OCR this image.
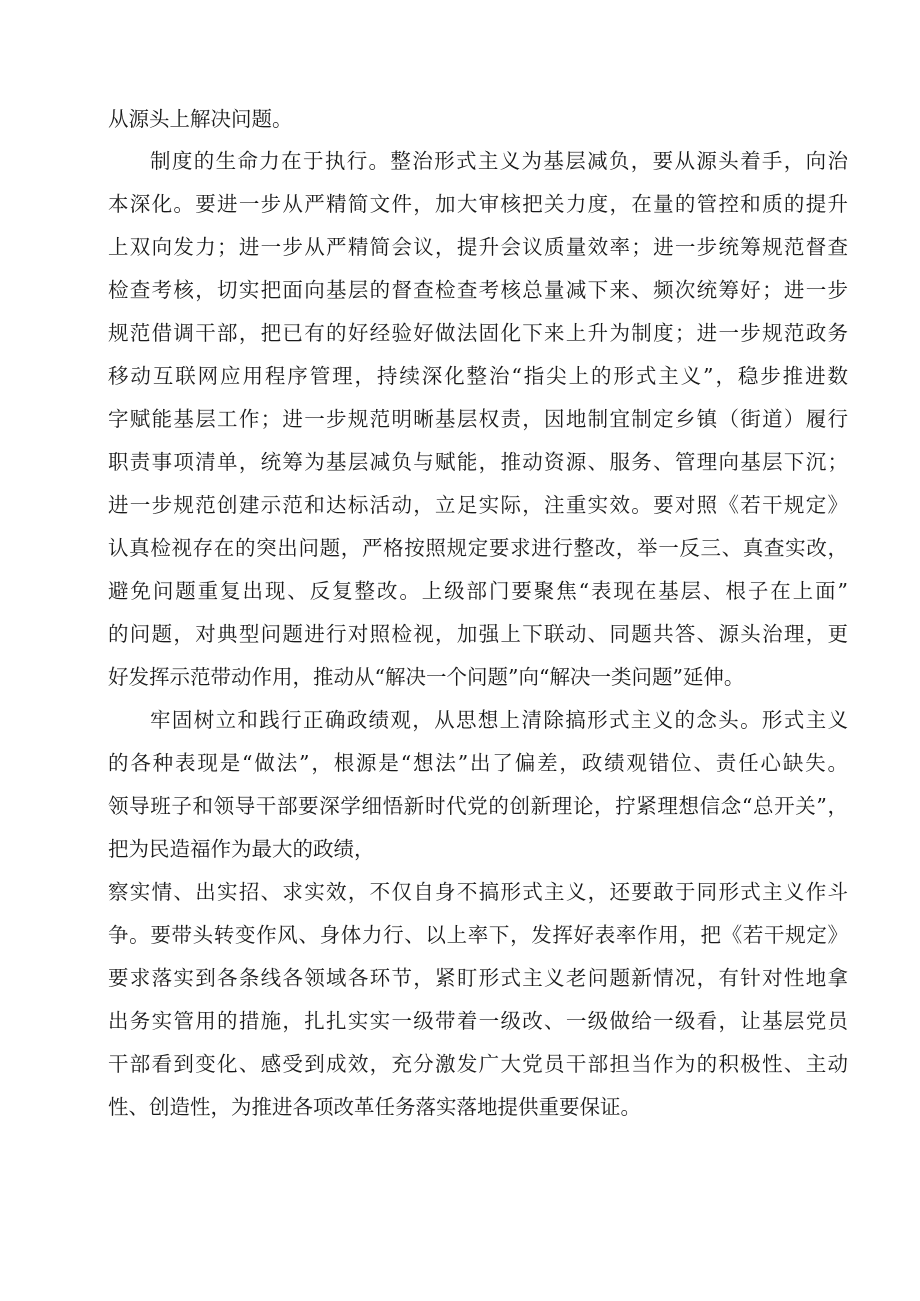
从源头上解决问题。
制度的生命力在于执行。整治形式主义为基层减负，要从源头着手，向治
本深化。要进一步从严精简文件，加大审核把关力度，在量的管控和质的提升
上双向发力；进一步从严精简会议，提升会议质量效率；进一步统筹规范督查
检查考核，切实把面向基层的督查检查考核总量减下来、频次统筹好；进一步
规范借调干部，把已有的好经验好做法固化下来上升为制度；进一步规范政务
移动互联网应用程序管理，持续深化整治“指尖上的形式主义”，稳步推进数
字赋能基层工作；进一步规范明晰基层权责，因地制宜制定乡镇（街道）履行
职责事项清单，统筹为基层减负与赋能，推动资源、服务、管理向基层下沉；
进一步规范创建示范和达标活动，立足实际，注重实效。要对照《若干规定》
认真检视存在的突出问题，严格按照规定要求进行整改，举一反三、真查实改，
避免问题重复出现、反复整改。上级部门要聚焦“表现在基层、根子在上面”
的问题，对典型问题进行对照检视，加强上下联动、同题共答、源头治理，更
好发挥示范带动作用，推动从“解决一个问题”向“解决一类问题”延伸。
牢固树立和践行正确政绩观，从思想上清除搞形式主义的念头。形式主义
的各种表现是“做法”，根源是“想法”出了偏差，政绩观错位、责任心缺失。
领导班子和领导干部要深学细悟新时代党的创新理论，拧紧理想信念“总开关”，
把为民造福作为最大的政绩，
察实情、出实招、求实效，不仅自身不搞形式主义，还要敢于同形式主义作斗
争。要带头转变作风、身体力行、以上率下，发挥好表率作用，把《若干规定》
要求落实到各条线各领域各环节，紧盯形式主义老问题新情况，有针对性地拿
出务实管用的措施，扎扎实实一级带着一级改、一级做给一级看，让基层党员
干部看到变化、感受到成效，充分激发广大党员干部担当作为的积极性、主动
性、创造性，为推进各项改革任务落实落地提供重要保证。
